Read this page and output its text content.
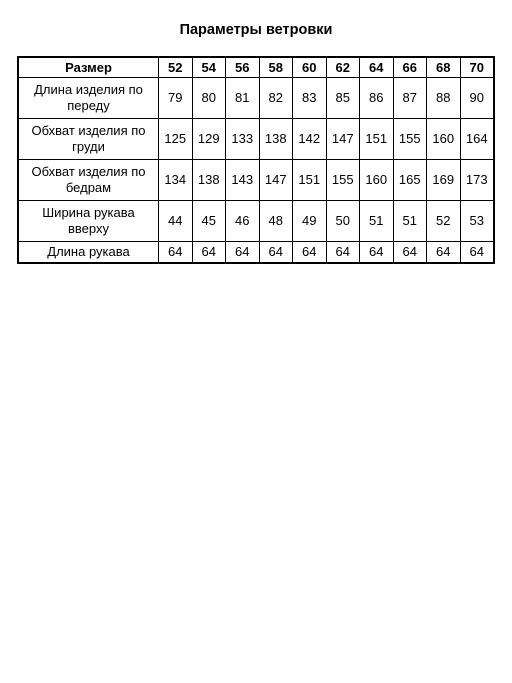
Параметры ветровки
Размер	52	54	56	58	60	62	64	66	68	70
Длина изделия по переду	79	80	81	82	83	85	86	87	88	90
Обхват изделия по груди	125	129	133	138	142	147	151	155	160	164
Обхват изделия по бедрам	134	138	143	147	151	155	160	165	169	173
Ширина рукава вверху	44	45	46	48	49	50	51	51	52	53
Длина рукава	64	64	64	64	64	64	64	64	64	64
